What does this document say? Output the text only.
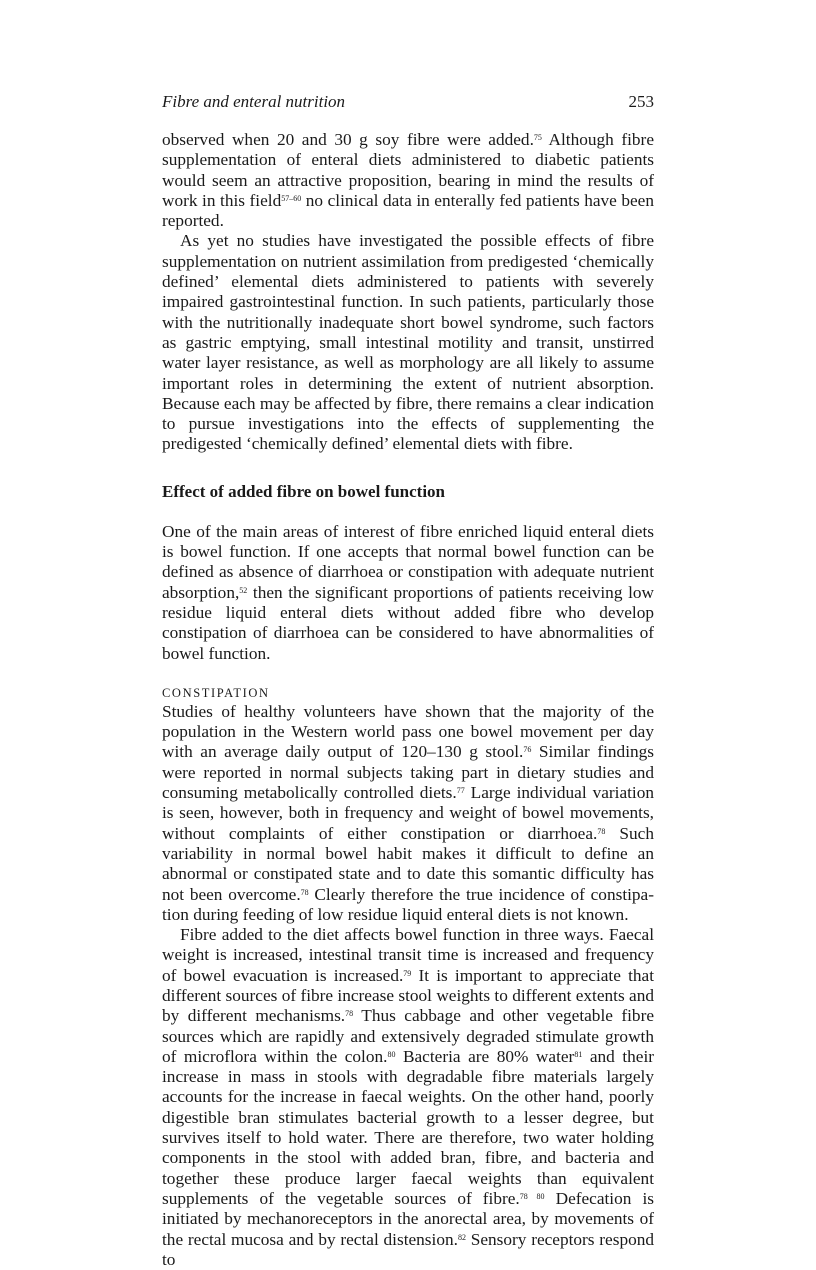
Fibre and enteral nutrition	253

observed when 20 and 30 g soy fibre were added.$^{75}$ Although fibre supplementation of enteral diets administered to diabetic patients would seem an attractive proposition, bearing in mind the results of work in this field$^{57-60}$ no clinical data in enterally fed patients have been reported.

As yet no studies have investigated the possible effects of fibre supplementation on nutrient assimilation from predigested ‘chemically defined’ elemental diets administered to patients with severely impaired gastrointestinal function. In such patients, particularly those with the nutritionally inadequate short bowel syndrome, such factors as gastric emptying, small intestinal motility and transit, unstirred water layer resistance, as well as morphology are all likely to assume important roles in determining the extent of nutrient absorption. Because each may be affected by fibre, there remains a clear indication to pursue investigations into the effects of supplementing the predigested ‘chemically defined’ elemental diets with fibre.

Effect of added fibre on bowel function

One of the main areas of interest of fibre enriched liquid enteral diets is bowel function. If one accepts that normal bowel function can be defined as absence of diarrhoea or constipation with adequate nutrient absorption,$^{52}$ then the significant proportions of patients receiving low residue liquid enteral diets without added fibre who develop constipation of diarrhoea can be considered to have abnormalities of bowel function.

CONSTIPATION

Studies of healthy volunteers have shown that the majority of the population in the Western world pass one bowel movement per day with an average daily output of 120–130 g stool.$^{76}$ Similar findings were reported in normal subjects taking part in dietary studies and consuming metabolically controlled diets.$^{77}$ Large individual variation is seen, however, both in frequency and weight of bowel movements, without complaints of either constipation or diarrhoea.$^{78}$ Such variability in normal bowel habit makes it difficult to define an abnormal or constipated state and to date this somantic difficulty has not been overcome.$^{78}$ Clearly therefore the true incidence of constipation during feeding of low residue liquid enteral diets is not known.

Fibre added to the diet affects bowel function in three ways. Faecal weight is increased, intestinal transit time is increased and frequency of bowel evacuation is increased.$^{79}$ It is important to appreciate that different sources of fibre increase stool weights to different extents and by different mechanisms.$^{78}$ Thus cabbage and other vegetable fibre sources which are rapidly and extensively degraded stimulate growth of microflora within the colon.$^{80}$ Bacteria are 80% water$^{81}$ and their increase in mass in stools with degradable fibre materials largely accounts for the increase in faecal weights. On the other hand, poorly digestible bran stimulates bacterial growth to a lesser degree, but survives itself to hold water. There are therefore, two water holding components in the stool with added bran, fibre, and bacteria and together these produce larger faecal weights than equivalent supplements of the vegetable sources of fibre.$^{78 80}$ Defecation is initiated by mechanoreceptors in the anorectal area, by movements of the rectal mucosa and by rectal distension.$^{82}$ Sensory receptors respond to
